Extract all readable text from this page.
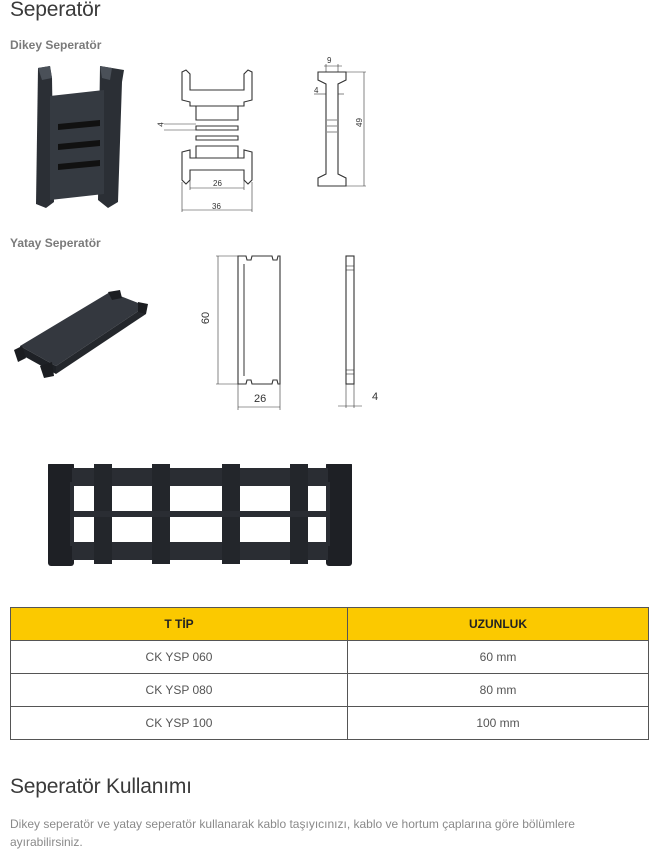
Seperatör
Dikey Seperatör
4
26
36
9
4
49
Yatay Seperatör
60
26	4
T TİP	UZUNLUK
CK YSP 060	60 mm
CK YSP 080	80 mm
CK YSP 100	100 mm
Seperatör Kullanımı
Dikey seperatör ve yatay seperatör kullanarak kablo taşıyıcınızı, kablo ve hortum çaplarına göre bölümlere ayırabilirsiniz.
